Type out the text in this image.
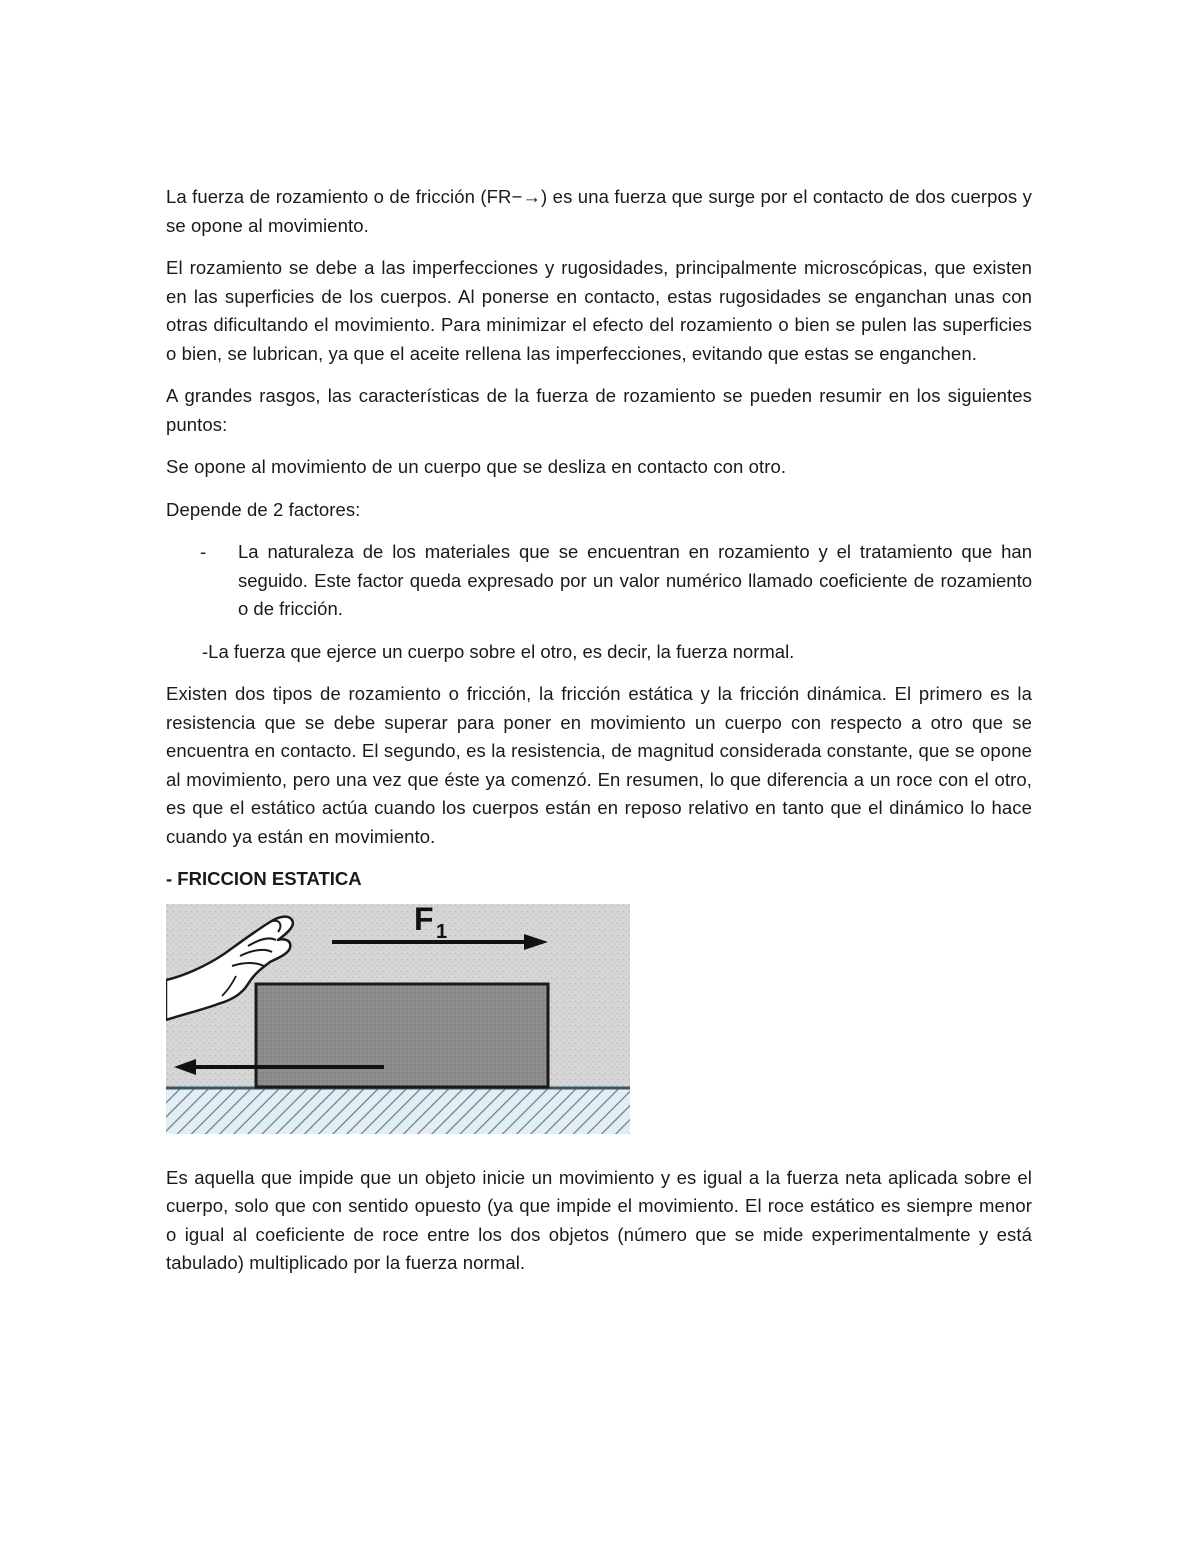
La fuerza de rozamiento o de fricción (FR−→) es una fuerza que surge por el contacto de dos cuerpos y se opone al movimiento.

El rozamiento se debe a las imperfecciones y rugosidades, principalmente microscópicas, que existen en las superficies de los cuerpos. Al ponerse en contacto, estas rugosidades se enganchan unas con otras dificultando el movimiento. Para minimizar el efecto del rozamiento o bien se pulen las superficies o bien, se lubrican, ya que el aceite rellena las imperfecciones, evitando que estas se enganchen.

A grandes rasgos, las características de la fuerza de rozamiento se pueden resumir en los siguientes puntos:

Se opone al movimiento de un cuerpo que se desliza en contacto con otro.

Depende de 2 factores:

-	La naturaleza de los materiales que se encuentran en rozamiento y el tratamiento que han seguido. Este factor queda expresado por un valor numérico llamado coeficiente de rozamiento o de fricción.
-La fuerza que ejerce un cuerpo sobre el otro, es decir, la fuerza normal.

Existen dos tipos de rozamiento o fricción, la fricción estática y la fricción dinámica. El primero es la resistencia que se debe superar para poner en movimiento un cuerpo con respecto a otro que se encuentra en contacto. El segundo, es la resistencia, de magnitud considerada constante, que se opone al movimiento, pero una vez que éste ya comenzó. En resumen, lo que diferencia a un roce con el otro, es que el estático actúa cuando los cuerpos están en reposo relativo en tanto que el dinámico lo hace cuando ya están en movimiento.

- FRICCION ESTATICA
F 1

Es aquella que impide que un objeto inicie un movimiento y es igual a la fuerza neta aplicada sobre el cuerpo, solo que con sentido opuesto (ya que impide el movimiento. El roce estático es siempre menor o igual al coeficiente de roce entre los dos objetos (número que se mide experimentalmente y está tabulado) multiplicado por la fuerza normal.
